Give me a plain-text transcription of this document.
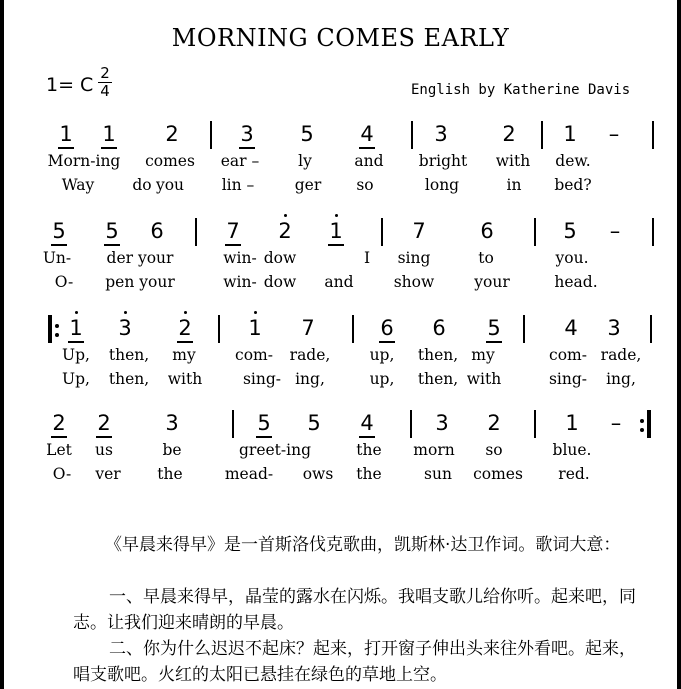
MORNING COMES EARLY
1= C
2
4	English by Katherine Davis
1 1 2	3 5 4	3	2 1 –
Morn-ing comes ear –	ly	and bright with dew.
Way do you lin –	ger so	long	in bed?
5 5 6	7 2 1	7	6	5 –
Un- der your	win- dow	I sing	to	you.
O- pen your	win- dow and	show	your	head.
1 3 2	1 7	6 6 5	4 3
Up, then, my	com- rade,	up, then, my	com- rade,
Up, then, with	sing- ing,	up, then, with	sing- ing,
2 2	3	5 5 4	3 2	1 –
Let us	be	greet-ing	the morn so	blue.
O- ver the	mead- ows the	sun comes red.
《早晨来得早》是一首斯洛伐克歌曲，凯斯林·达卫作词。歌词大意：
一、早晨来得早，晶莹的露水在闪烁。我唱支歌儿给你听。起来吧，同志。让我们迎来晴朗的早晨。
二、你为什么迟迟不起床？起来，打开窗子伸出头来往外看吧。起来，唱支歌吧。火红的太阳已悬挂在绿色的草地上空。
